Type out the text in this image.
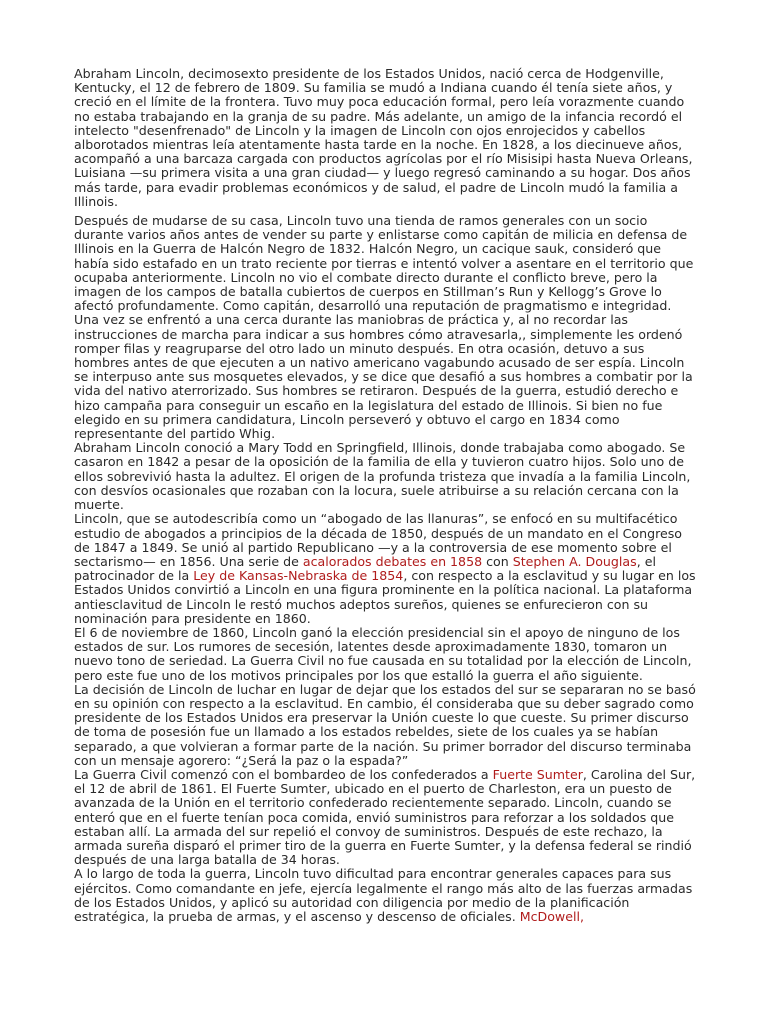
Abraham Lincoln, decimosexto presidente de los Estados Unidos, nació cerca de Hodgenville, Kentucky, el 12 de febrero de 1809. Su familia se mudó a Indiana cuando él tenía siete años, y creció en el límite de la frontera. Tuvo muy poca educación formal, pero leía vorazmente cuando no estaba trabajando en la granja de su padre. Más adelante, un amigo de la infancia recordó el intelecto "desenfrenado" de Lincoln y la imagen de Lincoln con ojos enrojecidos y cabellos alborotados mientras leía atentamente hasta tarde en la noche. En 1828, a los diecinueve años, acompañó a una barcaza cargada con productos agrícolas por el río Misisipi hasta Nueva Orleans, Luisiana —su primera visita a una gran ciudad— y luego regresó caminando a su hogar. Dos años más tarde, para evadir problemas económicos y de salud, el padre de Lincoln mudó la familia a Illinois.

Después de mudarse de su casa, Lincoln tuvo una tienda de ramos generales con un socio durante varios años antes de vender su parte y enlistarse como capitán de milicia en defensa de Illinois en la Guerra de Halcón Negro de 1832. Halcón Negro, un cacique sauk, consideró que había sido estafado en un trato reciente por tierras e intentó volver a asentare en el territorio que ocupaba anteriormente. Lincoln no vio el combate directo durante el conflicto breve, pero la imagen de los campos de batalla cubiertos de cuerpos en Stillman’s Run y Kellogg’s Grove lo afectó profundamente. Como capitán, desarrolló una reputación de pragmatismo e integridad. Una vez se enfrentó a una cerca durante las maniobras de práctica y, al no recordar las instrucciones de marcha para indicar a sus hombres cómo atravesarla,, simplemente les ordenó romper filas y reagruparse del otro lado un minuto después. En otra ocasión, detuvo a sus hombres antes de que ejecuten a un nativo americano vagabundo acusado de ser espía. Lincoln se interpuso ante sus mosquetes elevados, y se dice que desafió a sus hombres a combatir por la vida del nativo aterrorizado. Sus hombres se retiraron. Después de la guerra, estudió derecho e hizo campaña para conseguir un escaño en la legislatura del estado de Illinois. Si bien no fue elegido en su primera candidatura, Lincoln perseveró y obtuvo el cargo en 1834 como representante del partido Whig.

Abraham Lincoln conoció a Mary Todd en Springfield, Illinois, donde trabajaba como abogado. Se casaron en 1842 a pesar de la oposición de la familia de ella y tuvieron cuatro hijos. Solo uno de ellos sobrevivió hasta la adultez. El origen de la profunda tristeza que invadía a la familia Lincoln, con desvíos ocasionales que rozaban con la locura, suele atribuirse a su relación cercana con la muerte.

Lincoln, que se autodescribía como un “abogado de las llanuras”, se enfocó en su multifacético estudio de abogados a principios de la década de 1850, después de un mandato en el Congreso de 1847 a 1849. Se unió al partido Republicano —y a la controversia de ese momento sobre el sectarismo— en 1856. Una serie de acalorados debates en 1858 con Stephen A. Douglas, el patrocinador de la Ley de Kansas-Nebraska de 1854, con respecto a la esclavitud y su lugar en los Estados Unidos convirtió a Lincoln en una figura prominente en la política nacional. La plataforma antiesclavitud de Lincoln le restó muchos adeptos sureños, quienes se enfurecieron con su nominación para presidente en 1860.

El 6 de noviembre de 1860, Lincoln ganó la elección presidencial sin el apoyo de ninguno de los estados de sur. Los rumores de secesión, latentes desde aproximadamente 1830, tomaron un nuevo tono de seriedad. La Guerra Civil no fue causada en su totalidad por la elección de Lincoln, pero este fue uno de los motivos principales por los que estalló la guerra el año siguiente.

La decisión de Lincoln de luchar en lugar de dejar que los estados del sur se separaran no se basó en su opinión con respecto a la esclavitud. En cambio, él consideraba que su deber sagrado como presidente de los Estados Unidos era preservar la Unión cueste lo que cueste. Su primer discurso de toma de posesión fue un llamado a los estados rebeldes, siete de los cuales ya se habían separado, a que volvieran a formar parte de la nación. Su primer borrador del discurso terminaba con un mensaje agorero: “¿Será la paz o la espada?”

La Guerra Civil comenzó con el bombardeo de los confederados a Fuerte Sumter, Carolina del Sur, el 12 de abril de 1861. El Fuerte Sumter, ubicado en el puerto de Charleston, era un puesto de avanzada de la Unión en el territorio confederado recientemente separado. Lincoln, cuando se enteró que en el fuerte tenían poca comida, envió suministros para reforzar a los soldados que estaban allí. La armada del sur repelió el convoy de suministros. Después de este rechazo, la armada sureña disparó el primer tiro de la guerra en Fuerte Sumter, y la defensa federal se rindió después de una larga batalla de 34 horas.

A lo largo de toda la guerra, Lincoln tuvo dificultad para encontrar generales capaces para sus ejércitos. Como comandante en jefe, ejercía legalmente el rango más alto de las fuerzas armadas de los Estados Unidos, y aplicó su autoridad con diligencia por medio de la planificación estratégica, la prueba de armas, y el ascenso y descenso de oficiales. McDowell,
